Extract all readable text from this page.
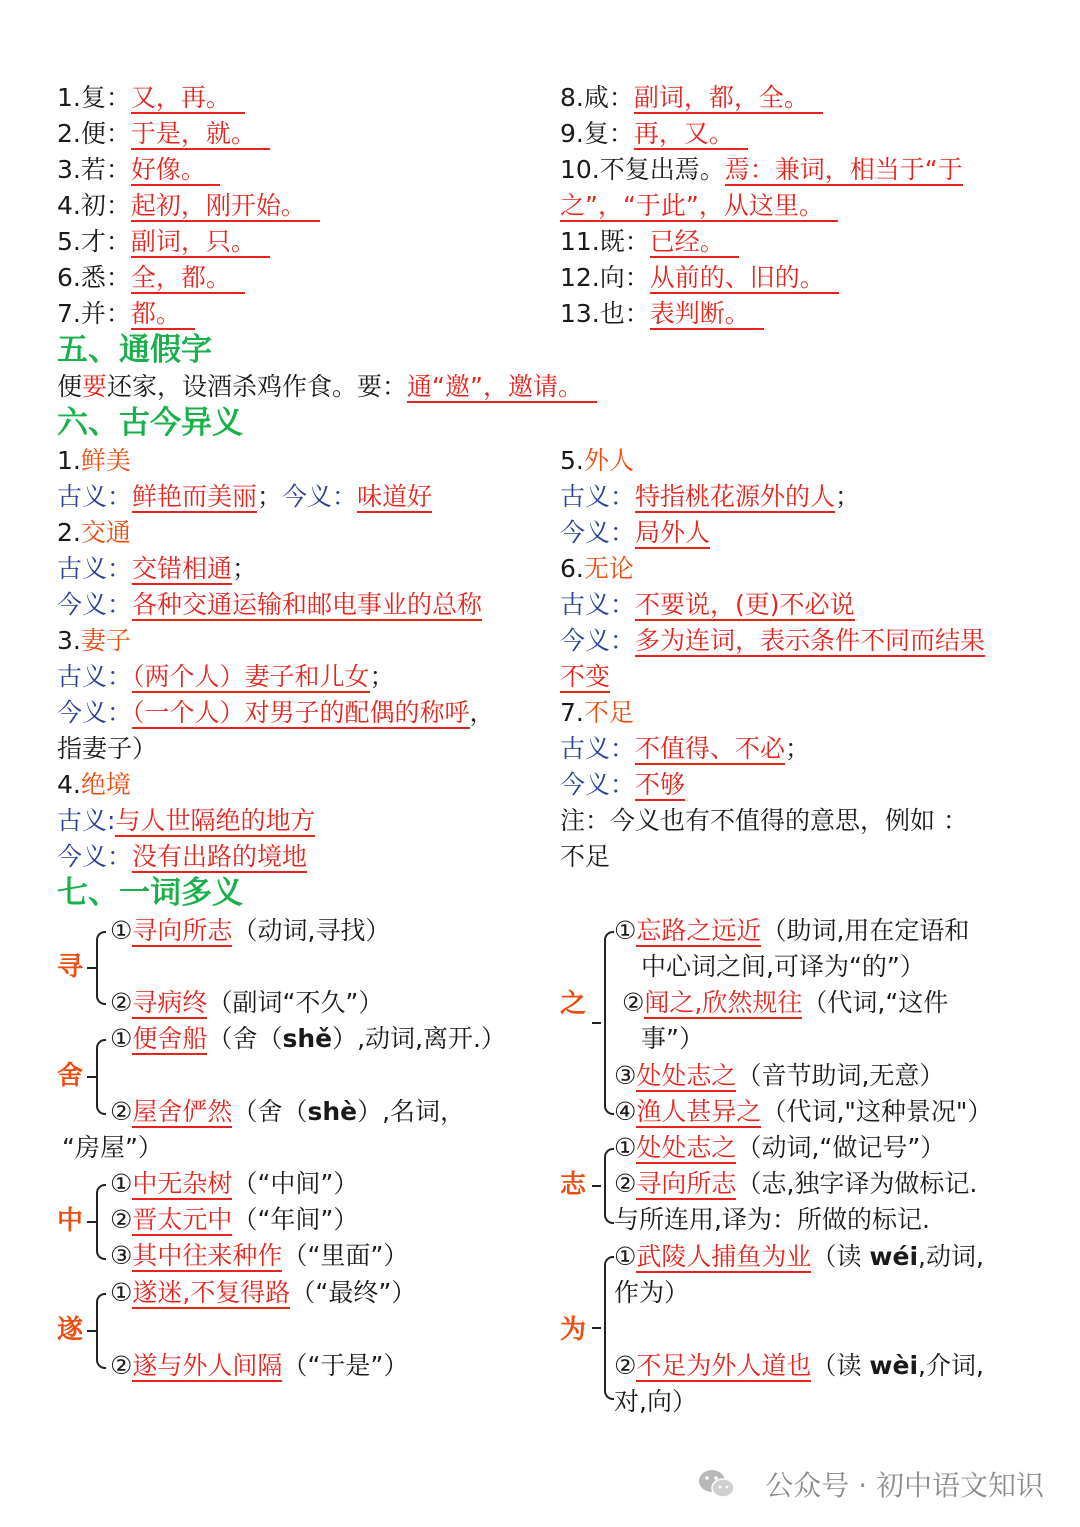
1.复：又，再。
2.便：于是，就。
3.若：好像。
4.初：起初，刚开始。
5.才：副词，只。
6.悉：全，都。
7.并：都。
8.咸：副词，都，全。
9.复：再，又。
10.不复出焉。焉：兼词，相当于“于
之”，“于此”，从这里。
11.既：已经。
12.向：从前的、旧的。
13.也：表判断。
五、通假字
便要还家，设酒杀鸡作食。要：通“邀”，邀请。
六、古今异义
1.鲜美
古义：鲜艳而美丽；今义：味道好
2.交通
古义：交错相通；
今义：各种交通运输和邮电事业的总称
3.妻子
古义：（两个人）妻子和儿女；
今义：（一个人）对男子的配偶的称呼，
指妻子）
4.绝境
古义:与人世隔绝的地方
今义：没有出路的境地
5.外人
古义：特指桃花源外的人；
今义：局外人
6.无论
古义：不要说，(更)不必说
今义：多为连词，表示条件不同而结果
不变
7.不足
古义：不值得、不必；
今义：不够
注：今义也有不值得的意思，例如 ：
不足
七、一词多义
寻
①寻向所志（动词,寻找）
②寻病终（副词“不久”）
舍
①便舍船（舍（shě）,动词,离开.）
②屋舍俨然（舍（shè）,名词，
“房屋”）
中
①中无杂树（“中间”）
②晋太元中（“年间”）
③其中往来种作（“里面”）
遂
①遂迷,不复得路（“最终”）
②遂与外人间隔（“于是”）
之
①忘路之远近（助词,用在定语和
中心词之间,可译为“的”）
②闻之,欣然规往（代词,“这件
事”）
③处处志之（音节助词,无意）
④渔人甚异之（代词,"这种景况"）
志
①处处志之（动词,“做记号”）
②寻向所志（志,独字译为做标记.
与所连用,译为：所做的标记.
为
①武陵人捕鱼为业（读 wéi,动词,
作为）
②不足为外人道也（读 wèi,介词,
对,向）
公众号 · 初中语文知识
